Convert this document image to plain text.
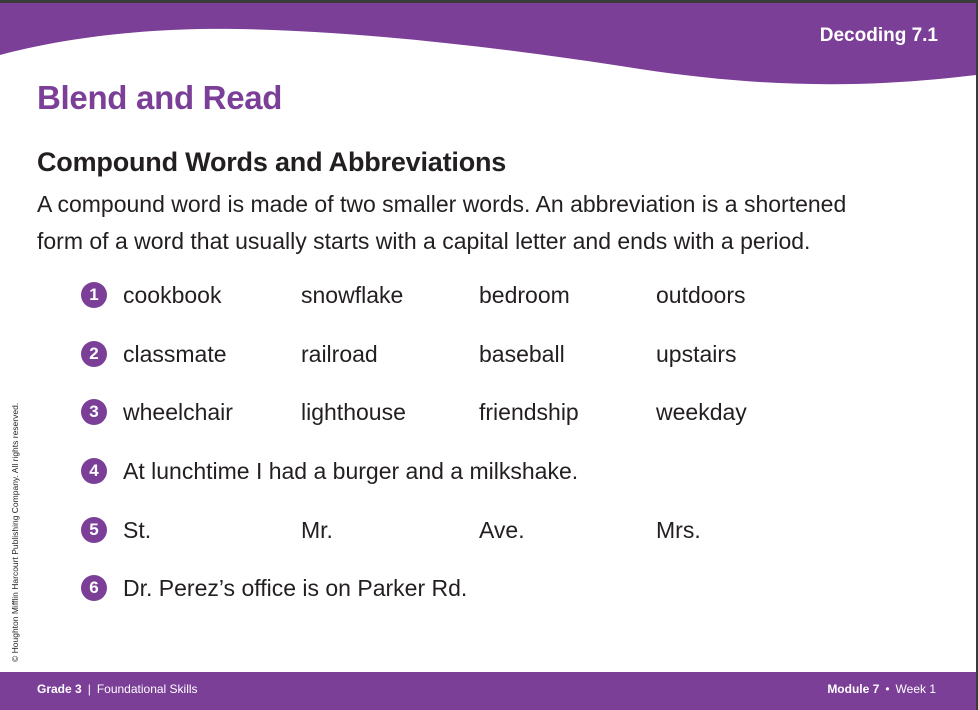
Decoding 7.1
Blend and Read
Compound Words and Abbreviations

A compound word is made of two smaller words. An abbreviation is a shortened
form of a word that usually starts with a capital letter and ends with a period.

1	cookbook	snowflake	bedroom	outdoors
2	classmate	railroad	baseball	upstairs
3	wheelchair	lighthouse	friendship	weekday
4	At lunchtime I had a burger and a milkshake.
5	St.	Mr.	Ave.	Mrs.
6	Dr. Perez’s office is on Parker Rd.
© Houghton Mifflin Harcourt Publishing Company. All rights reserved.
Grade 3 | Foundational Skills	Module 7 • Week 1
